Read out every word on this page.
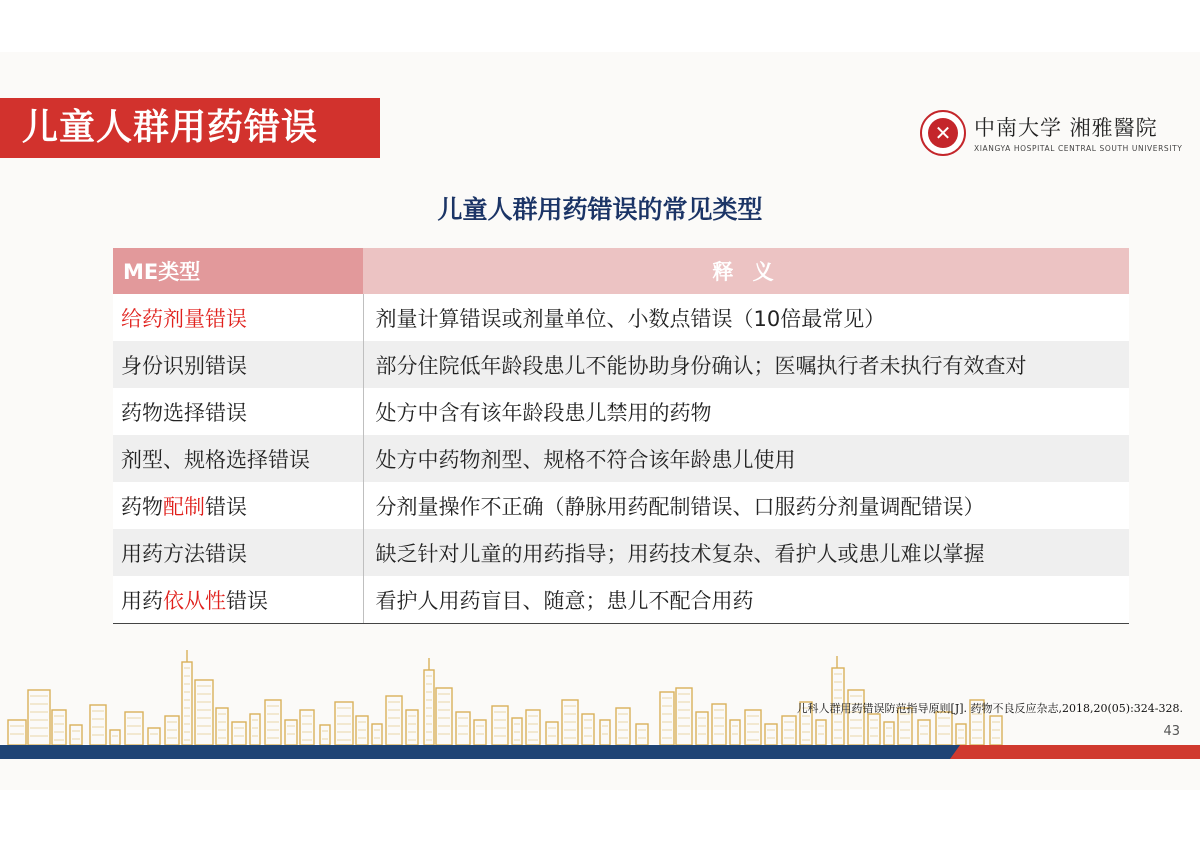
儿童人群用药错误	✕	中南大学 湘雅醫院
XIANGYA HOSPITAL CENTRAL SOUTH UNIVERSITY
儿童人群用药错误的常见类型
ME类型	释 义
给药剂量错误	剂量计算错误或剂量单位、小数点错误（10倍最常见）
身份识别错误	部分住院低年龄段患儿不能协助身份确认；医嘱执行者未执行有效查对
药物选择错误	处方中含有该年龄段患儿禁用的药物
剂型、规格选择错误	处方中药物剂型、规格不符合该年龄患儿使用
药物配制错误	分剂量操作不正确（静脉用药配制错误、口服药分剂量调配错误）
用药方法错误	缺乏针对儿童的用药指导；用药技术复杂、看护人或患儿难以掌握
用药依从性错误	看护人用药盲目、随意；患儿不配合用药
儿科人群用药错误防范指导原则[J]. 药物不良反应杂志,2018,20(05):324-328.
43
